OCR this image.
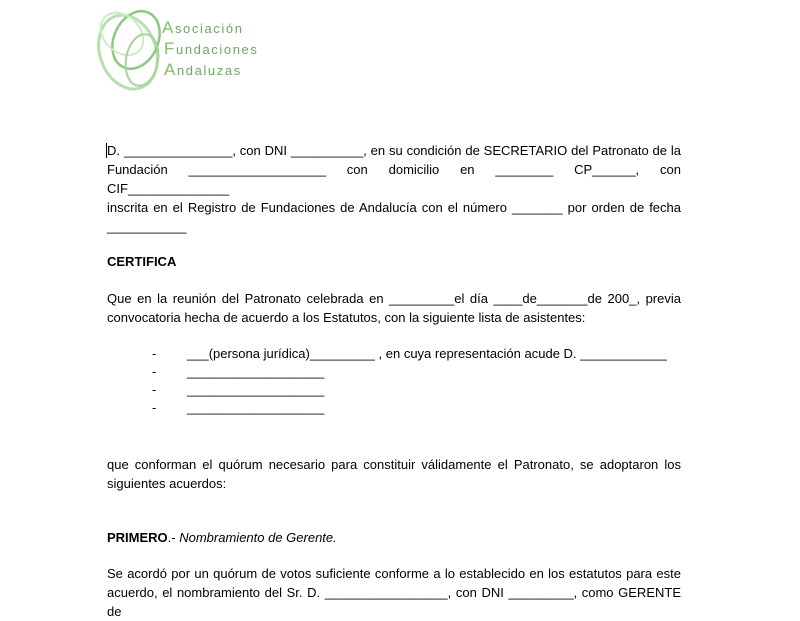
Asociación
Fundaciones
Andaluzas

D. _______________, con DNI __________, en su condición de SECRETARIO del Patronato de la

Fundación ___________________ con domicilio en ________ CP______, con CIF______________

inscrita en el Registro de Fundaciones de Andalucía con el número _______ por orden de fecha

___________

CERTIFICA

Que en la reunión del Patronato celebrada en _________el día ____de_______de 200_, previa

convocatoria hecha de acuerdo a los Estatutos, con la siguiente lista de asistentes:

-	___(persona jurídica)_________ , en cuya representación acude D. ____________
-	___________________
-	___________________
-	___________________

que conforman el quórum necesario para constituir válidamente el Patronato, se adoptaron los

siguientes acuerdos:

PRIMERO.- Nombramiento de Gerente.

Se acordó por un quórum de votos suficiente conforme a lo establecido en los estatutos para este

acuerdo, el nombramiento del Sr. D. _________________, con DNI _________, como GERENTE de
